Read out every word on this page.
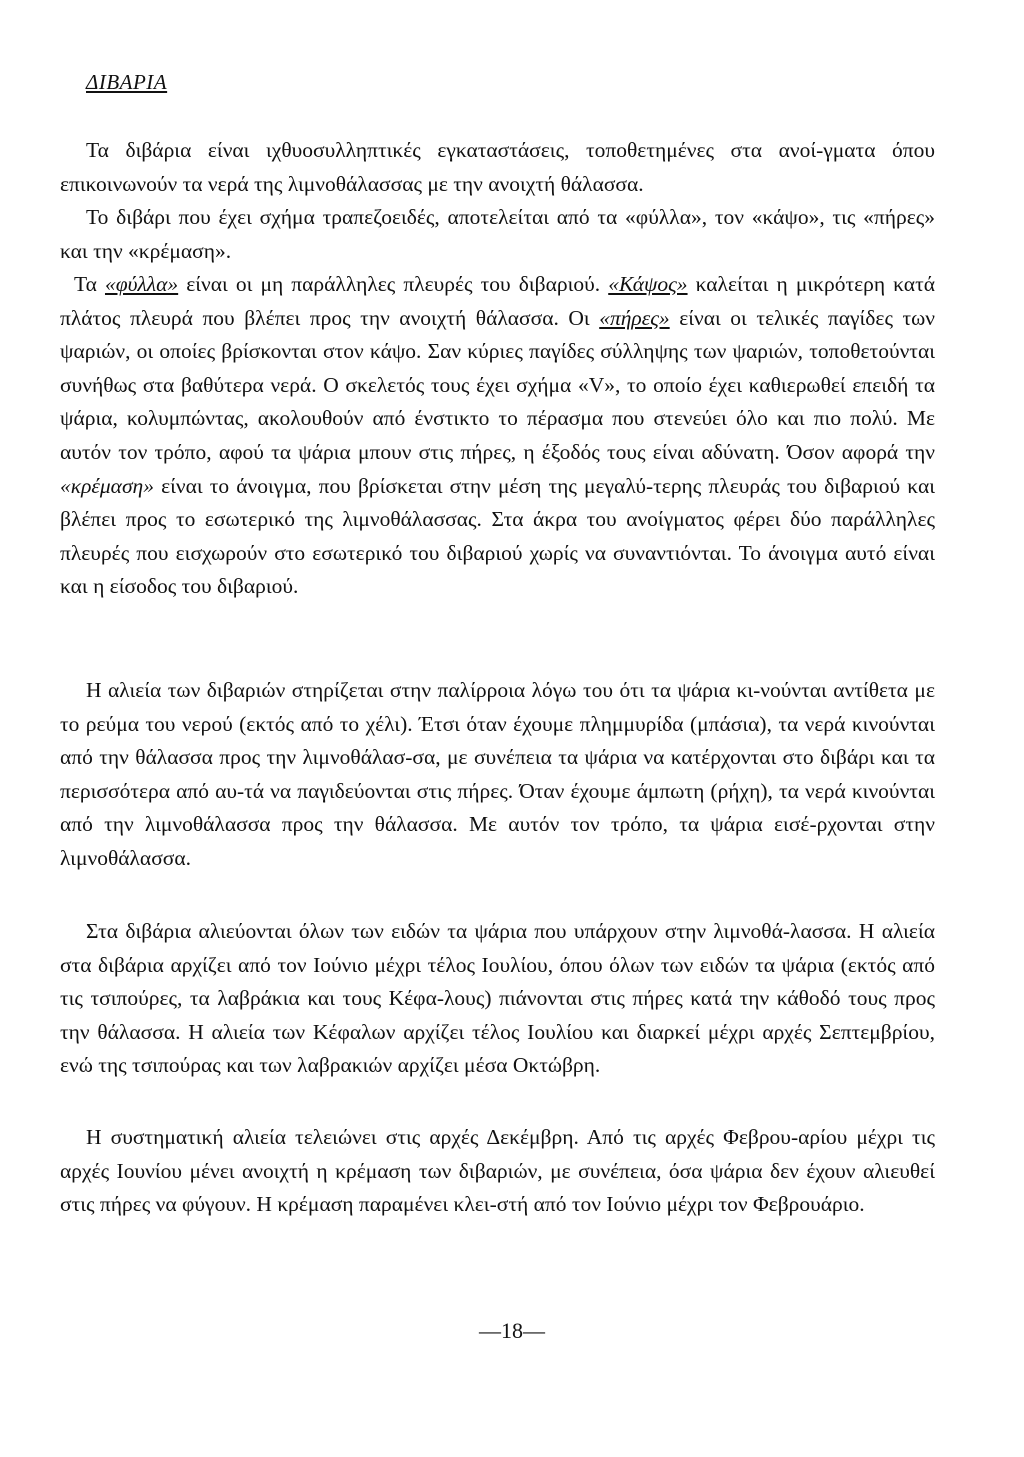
ΔΙΒΑΡΙΑ

Τα διβάρια είναι ιχθυοσυλληπτικές εγκαταστάσεις, τοποθετημένες στα ανοί-γματα όπου επικοινωνούν τα νερά της λιμνοθάλασσας με την ανοιχτή θάλασσα.

Το διβάρι που έχει σχήμα τραπεζοειδές, αποτελείται από τα «φύλλα», τον «κάψο», τις «πήρες» και την «κρέμαση».

Τα «φύλλα» είναι οι μη παράλληλες πλευρές του διβαριού. «Κάψος» καλείται η μικρότερη κατά πλάτος πλευρά που βλέπει προς την ανοιχτή θάλασσα. Οι «πήρες» είναι οι τελικές παγίδες των ψαριών, οι οποίες βρίσκονται στον κάψο. Σαν κύριες παγίδες σύλληψης των ψαριών, τοποθετούνται συνήθως στα βαθύτερα νερά. Ο σκελετός τους έχει σχήμα «V», το οποίο έχει καθιερωθεί επειδή τα ψάρια, κολυμπώντας, ακολουθούν από ένστικτο το πέρασμα που στενεύει όλο και πιο πολύ. Με αυτόν τον τρόπο, αφού τα ψάρια μπουν στις πήρες, η έξοδός τους είναι αδύνατη. Όσον αφορά την «κρέμαση» είναι το άνοιγμα, που βρίσκεται στην μέση της μεγαλύ-τερης πλευράς του διβαριού και βλέπει προς το εσωτερικό της λιμνοθάλασσας. Στα άκρα του ανοίγματος φέρει δύο παράλληλες πλευρές που εισχωρούν στο εσωτερικό του διβαριού χωρίς να συναντιόνται. Το άνοιγμα αυτό είναι και η είσοδος του διβαριού.

Η αλιεία των διβαριών στηρίζεται στην παλίρροια λόγω του ότι τα ψάρια κι-νούνται αντίθετα με το ρεύμα του νερού (εκτός από το χέλι). Έτσι όταν έχουμε πλημμυρίδα (μπάσια), τα νερά κινούνται από την θάλασσα προς την λιμνοθάλασ-σα, με συνέπεια τα ψάρια να κατέρχονται στο διβάρι και τα περισσότερα από αυ-τά να παγιδεύονται στις πήρες. Όταν έχουμε άμπωτη (ρήχη), τα νερά κινούνται από την λιμνοθάλασσα προς την θάλασσα. Με αυτόν τον τρόπο, τα ψάρια εισέ-ρχονται στην λιμνοθάλασσα.

Στα διβάρια αλιεύονται όλων των ειδών τα ψάρια που υπάρχουν στην λιμνοθά-λασσα. Η αλιεία στα διβάρια αρχίζει από τον Ιούνιο μέχρι τέλος Ιουλίου, όπου όλων των ειδών τα ψάρια (εκτός από τις τσιπούρες, τα λαβράκια και τους Κέφα-λους) πιάνονται στις πήρες κατά την κάθοδό τους προς την θάλασσα. Η αλιεία των Κέφαλων αρχίζει τέλος Ιουλίου και διαρκεί μέχρι αρχές Σεπτεμβρίου, ενώ της τσιπούρας και των λαβρακιών αρχίζει μέσα Οκτώβρη.

Η συστηματική αλιεία τελειώνει στις αρχές Δεκέμβρη. Από τις αρχές Φεβρου-αρίου μέχρι τις αρχές Ιουνίου μένει ανοιχτή η κρέμαση των διβαριών, με συνέπεια, όσα ψάρια δεν έχουν αλιευθεί στις πήρες να φύγουν. Η κρέμαση παραμένει κλει-στή από τον Ιούνιο μέχρι τον Φεβρουάριο.

—18—
